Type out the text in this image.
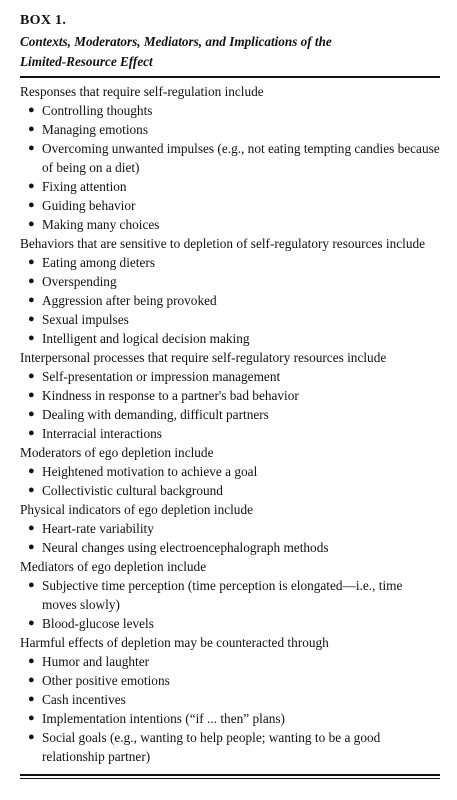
BOX 1.
Contexts, Moderators, Mediators, and Implications of the
Limited-Resource Effect
Responses that require self-regulation include
● Controlling thoughts
● Managing emotions
● Overcoming unwanted impulses (e.g., not eating tempting candies because of being on a diet)
● Fixing attention
● Guiding behavior
● Making many choices
Behaviors that are sensitive to depletion of self-regulatory resources include
● Eating among dieters
● Overspending
● Aggression after being provoked
● Sexual impulses
● Intelligent and logical decision making
Interpersonal processes that require self-regulatory resources include
● Self-presentation or impression management
● Kindness in response to a partner's bad behavior
● Dealing with demanding, difficult partners
● Interracial interactions
Moderators of ego depletion include
● Heightened motivation to achieve a goal
● Collectivistic cultural background
Physical indicators of ego depletion include
● Heart-rate variability
● Neural changes using electroencephalograph methods
Mediators of ego depletion include
● Subjective time perception (time perception is elongated—i.e., time moves slowly)
● Blood-glucose levels
Harmful effects of depletion may be counteracted through
● Humor and laughter
● Other positive emotions
● Cash incentives
● Implementation intentions (“if ... then” plans)
● Social goals (e.g., wanting to help people; wanting to be a good relationship partner)
